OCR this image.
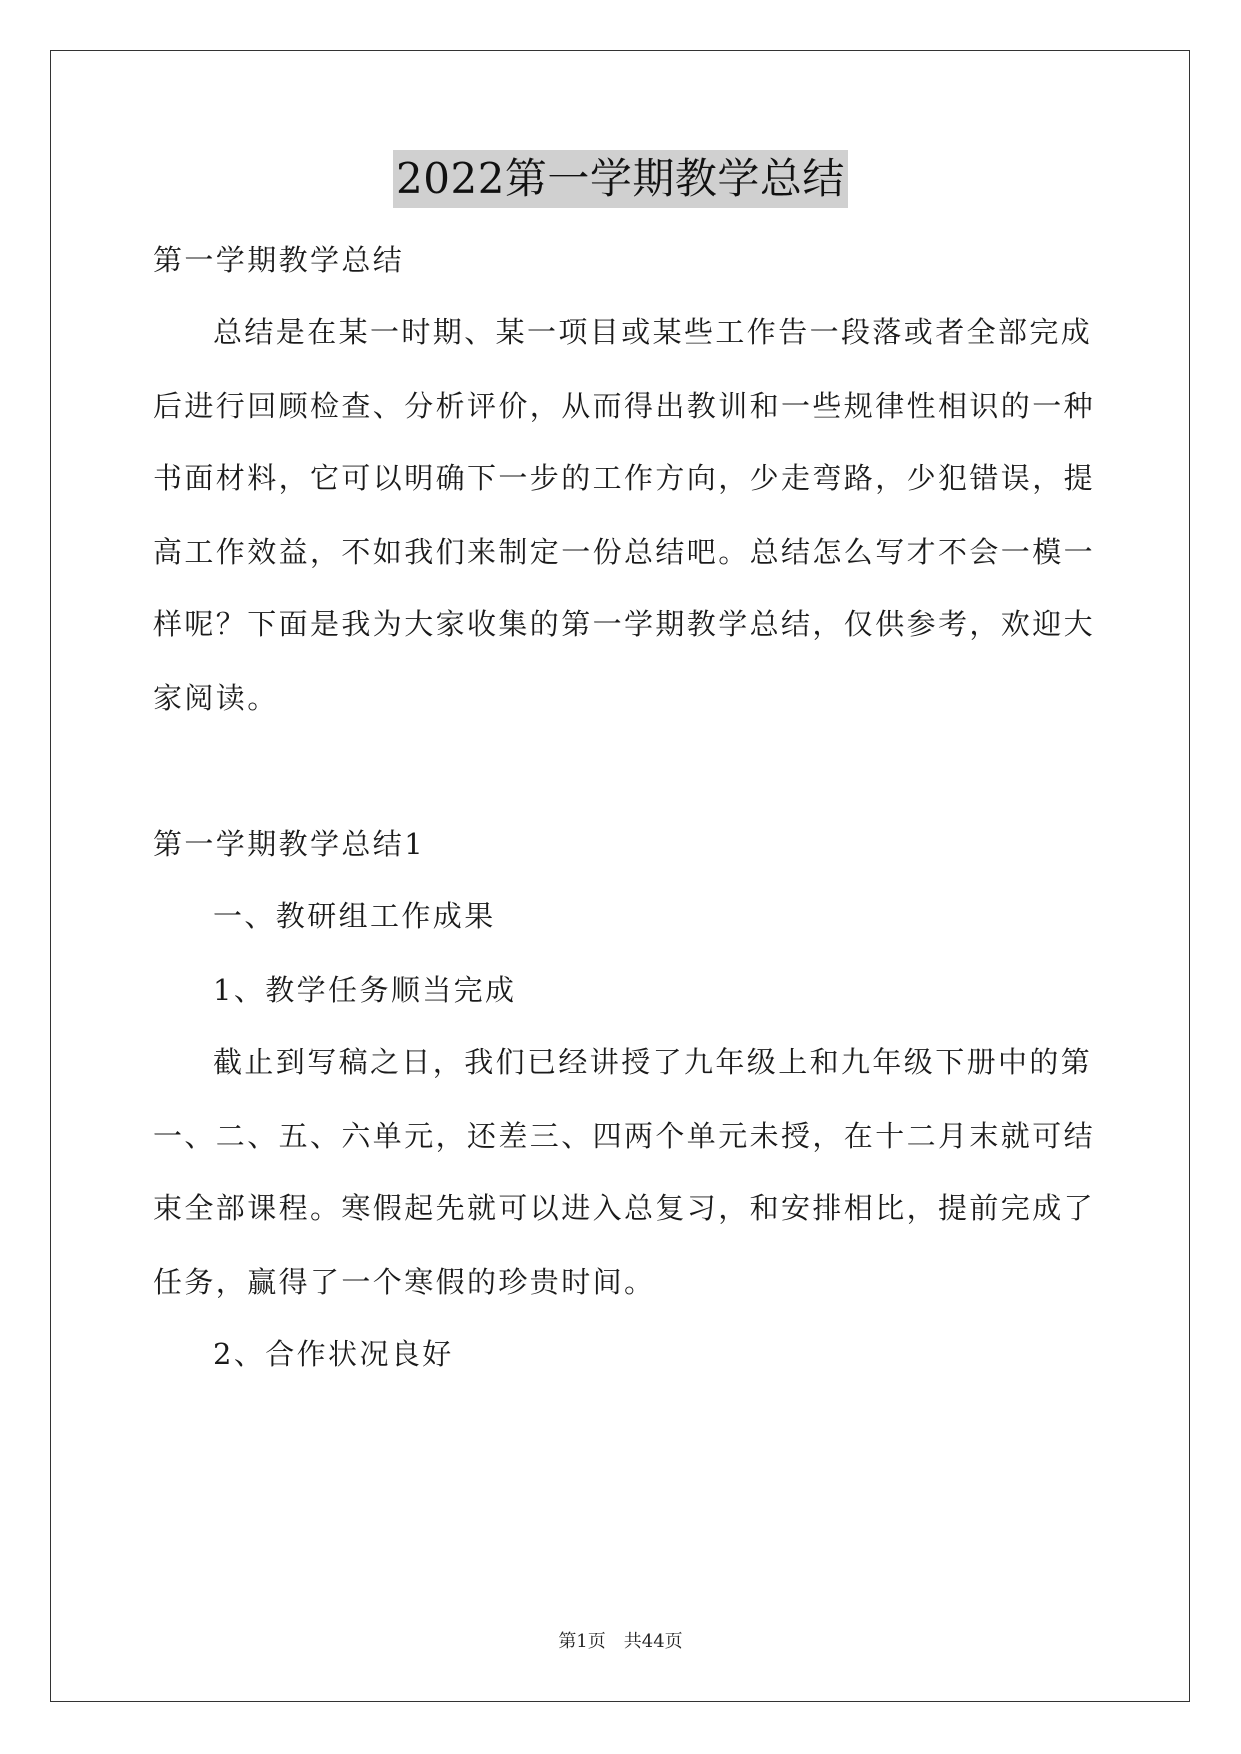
2022第一学期教学总结
第一学期教学总结
总结是在某一时期、某一项目或某些工作告一段落或者全部完成
后进行回顾检查、分析评价，从而得出教训和一些规律性相识的一种
书面材料，它可以明确下一步的工作方向，少走弯路，少犯错误，提
高工作效益，不如我们来制定一份总结吧。总结怎么写才不会一模一
样呢？下面是我为大家收集的第一学期教学总结，仅供参考，欢迎大
家阅读。
第一学期教学总结1
一、教研组工作成果
1、教学任务顺当完成
截止到写稿之日，我们已经讲授了九年级上和九年级下册中的第
一、二、五、六单元，还差三、四两个单元未授，在十二月末就可结
束全部课程。寒假起先就可以进入总复习，和安排相比，提前完成了
任务，赢得了一个寒假的珍贵时间。
2、合作状况良好
第1页　共44页
